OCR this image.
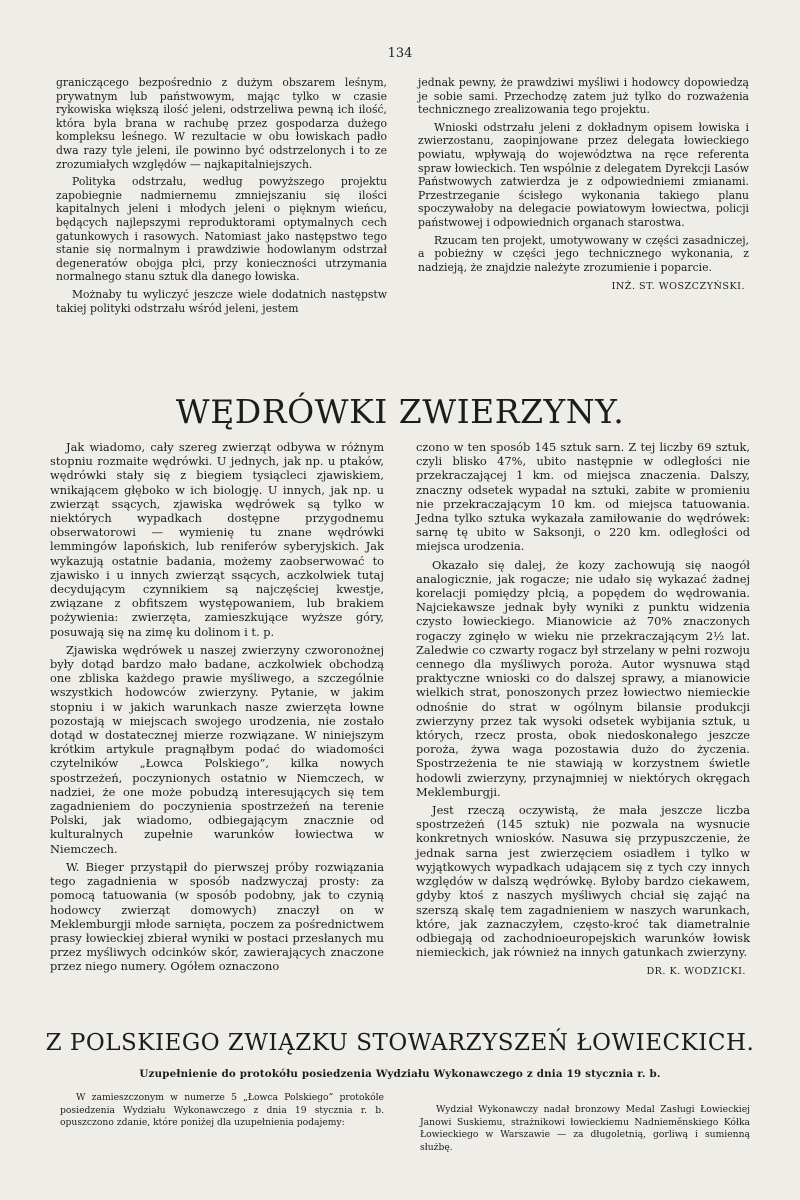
134

graniczącego bezpośrednio z dużym obszarem leśnym, prywatnym lub państwowym, mając tylko w czasie rykowiska większą ilość jeleni, odstrzeliwa pewną ich ilość, która byla brana w rachubę przez gospodarza dużego kompleksu leśnego. W rezultacie w obu łowiskach padło dwa razy tyle jeleni, ile powinno być odstrzelonych i to ze zrozumiałych względów — najkapitalniejszych.

Polityka odstrzału, według powyższego projektu zapobiegnie nadmiernemu zmniejszaniu się ilości kapitalnych jeleni i młodych jeleni o pięknym wieńcu, będących najlepszymi reproduktorami optymalnych cech gatunkowych i rasowych. Natomiast jako następstwo tego stanie się normalnym i prawdziwie hodowlanym odstrzał degeneratów obojga płci, przy konieczności utrzymania normalnego stanu sztuk dla danego łowiska.

Możnaby tu wyliczyć jeszcze wiele dodatnich następstw takiej polityki odstrzału wśród jeleni, jestem

jednak pewny, że prawdziwi myśliwi i hodowcy dopowiedzą je sobie sami. Przechodzę zatem już tylko do rozważenia technicznego zrealizowania tego projektu.

Wnioski odstrzału jeleni z dokładnym opisem łowiska i zwierzostanu, zaopinjowane przez delegata łowieckiego powiatu, wpływają do województwa na ręce referenta spraw łowieckich. Ten wspólnie z delegatem Dyrekcji Lasów Państwowych zatwierdza je z odpowiedniemi zmianami. Przestrzeganie ścisłego wykonania takiego planu spoczywałoby na delegacie powiatowym łowiectwa, policji państwowej i odpowiednich organach starostwa.

Rzucam ten projekt, umotywowany w części zasadniczej, a pobieżny w części jego technicznego wykonania, z nadzieją, że znajdzie należyte zrozumienie i poparcie.

INŻ. ST. WOSZCZYŃSKI.

WĘDRÓWKI ZWIERZYNY.

Jak wiadomo, cały szereg zwierząt odbywa w różnym stopniu rozmaite wędrówki. U jednych, jak np. u ptaków, wędrówki stały się z biegiem tysiącleci zjawiskiem, wnikającem głęboko w ich biologję. U innych, jak np. u zwierząt ssących, zjawiska wędrówek są tylko w niektórych wypadkach dostępne przygodnemu obserwatorowi — wymienię tu znane wędrówki lemmingów lapońskich, lub reniferów syberyjskich. Jak wykazują ostatnie badania, możemy zaobserwować to zjawisko i u innych zwierząt ssących, aczkolwiek tutaj decydującym czynnikiem są najczęściej kwestje, związane z obfitszem występowaniem, lub brakiem pożywienia: zwierzęta, zamieszkujące wyższe góry, posuwają się na zimę ku dolinom i t. p.

Zjawiska wędrówek u naszej zwierzyny czworonożnej były dotąd bardzo mało badane, aczkolwiek obchodzą one zbliska każdego prawie myśliwego, a szczególnie wszystkich hodowców zwierzyny. Pytanie, w jakim stopniu i w jakich warunkach nasze zwierzęta łowne pozostają w miejscach swojego urodzenia, nie zostało dotąd w dostatecznej mierze rozwiązane. W niniejszym krótkim artykule pragnąłbym podać do wiadomości czytelników „Łowca Polskiego”, kilka nowych spostrzeżeń, poczynionych ostatnio w Niemczech, w nadziei, że one może pobudzą interesujących się tem zagadnieniem do poczynienia spostrzeżeń na terenie Polski, jak wiadomo, odbiegającym znacznie od kulturalnych zupełnie warunków łowiectwa w Niemczech.

W. Bieger przystąpił do pierwszej próby rozwiązania tego zagadnienia w sposób nadzwyczaj prosty: za pomocą tatuowania (w sposób podobny, jak to czynią hodowcy zwierząt domowych) znaczył on w Meklemburgji młode sarnięta, poczem za pośrednictwem prasy łowieckiej zbierał wyniki w postaci przesłanych mu przez myśliwych odcinków skór, zawierających znaczone przez niego numery. Ogółem oznaczono

czono w ten sposób 145 sztuk sarn. Z tej liczby 69 sztuk, czyli blisko 47%, ubito następnie w odległości nie przekraczającej 1 km. od miejsca znaczenia. Dalszy, znaczny odsetek wypadał na sztuki, zabite w promieniu nie przekraczającym 10 km. od miejsca tatuowania. Jedna tylko sztuka wykazała zamiłowanie do wędrówek: sarnę tę ubito w Saksonji, o 220 km. odległości od miejsca urodzenia.

Okazało się dalej, że kozy zachowują się naogół analogicznie, jak rogacze; nie udało się wykazać żadnej korelacji pomiędzy płcią, a popędem do wędrowania. Najciekawsze jednak były wyniki z punktu widzenia czysto łowieckiego. Mianowicie aż 70% znaczonych rogaczy zginęło w wieku nie przekraczającym 2½ lat. Zaledwie co czwarty rogacz był strzelany w pełni rozwoju cennego dla myśliwych poroża. Autor wysnuwa stąd praktyczne wnioski co do dalszej sprawy, a mianowicie wielkich strat, ponoszonych przez łowiectwo niemieckie odnośnie do strat w ogólnym bilansie produkcji zwierzyny przez tak wysoki odsetek wybijania sztuk, u których, rzecz prosta, obok niedoskonałego jeszcze poroża, żywa waga pozostawia dużo do życzenia. Spostrzeżenia te nie stawiają w korzystnem świetle hodowli zwierzyny, przynajmniej w niektórych okręgach Meklemburgji.

Jest rzeczą oczywistą, że mała jeszcze liczba spostrzeżeń (145 sztuk) nie pozwala na wysnucie konkretnych wniosków. Nasuwa się przypuszczenie, że jednak sarna jest zwierzęciem osiadłem i tylko w wyjątkowych wypadkach udającem się z tych czy innych względów w dalszą wędrówkę. Byłoby bardzo ciekawem, gdyby ktoś z naszych myśliwych chciał się zająć na szerszą skalę tem zagadnieniem w naszych warunkach, które, jak zaznaczyłem, często-kroć tak diametralnie odbiegają od zachodnioeuropejskich warunków łowisk niemieckich, jak również na innych gatunkach zwierzyny.

DR. K. WODZICKI.

Z POLSKIEGO ZWIĄZKU STOWARZYSZEŃ ŁOWIECKICH.

Uzupełnienie do protokółu posiedzenia Wydziału Wykonawczego z dnia 19 stycznia r. b.

W zamieszczonym w numerze 5 „Łowca Polskiego” protokóle posiedzenia Wydziału Wykonawczego z dnia 19 stycznia r. b. opuszczono zdanie, które poniżej dla uzupełnienia podajemy:

Wydział Wykonawczy nadał bronzowy Medal Zasługi Łowieckiej Janowi Suskiemu, strażnikowi łowieckiemu Nadnieměnskiego Kółka Łowieckiego w Warszawie — za długoletnią, gorliwą i sumienną służbę.
